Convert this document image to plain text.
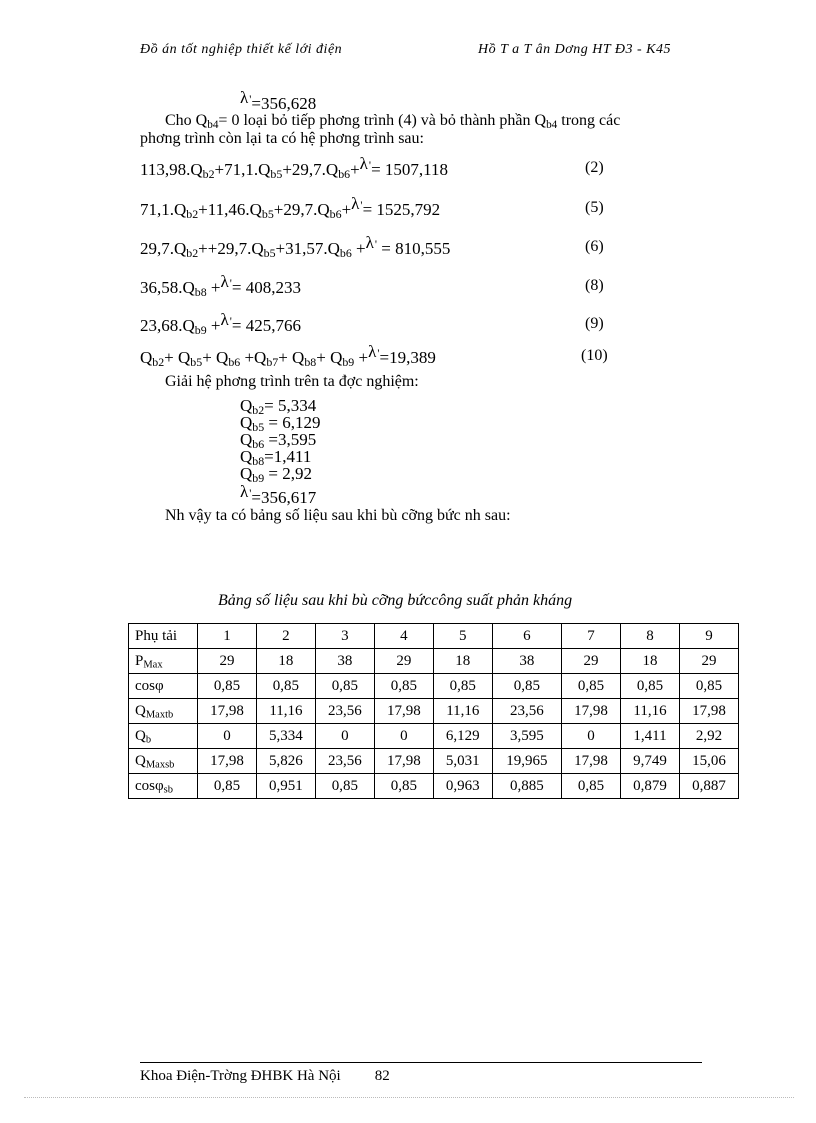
Đồ án tốt nghiệp thiết kế lới điện	Hồ T a T ân Dơng HT Đ3 - K45
λ'=356,628
Cho $Q_{b4}= 0$ loại bỏ tiếp phơng trình (4) và bỏ thành phần $Q_{b4}$ trong các
phơng trình còn lại ta có hệ phơng trình sau:
$113,98.Q_{b2}+71,1.Q_{b5}+29,7.Q_{b6}+\lambda'= 1507,118$	(2)
$71,1.Q_{b2}+11,46.Q_{b5}+29,7.Q_{b6}+\lambda'= 1525,792$	(5)
$29,7.Q_{b2}++29,7.Q_{b5}+31,57.Q_{b6} +\lambda' = 810,555$	(6)
$36,58.Q_{b8} +\lambda'= 408,233$	(8)
$23,68.Q_{b9} +\lambda'= 425,766$	(9)
$Q_{b2}+ Q_{b5}+ Q_{b6} +Q_{b7}+ Q_{b8}+ Q_{b9} +\lambda'=19,389$	(10)
Giải hệ phơng trình trên ta đợc nghiệm:
$Q_{b2}= 5,334$
$Q_{b5} = 6,129$
$Q_{b6} =3,595$
$Q_{b8}=1,411$
$Q_{b9} = 2,92$
λ'=356,617
Nh vậy ta có bảng số liệu sau khi bù cỡng bức nh sau:
Bảng số liệu sau khi bù cỡng bứccông suất phản kháng
Phụ tải	1	2	3	4	5	6	7	8	9
$P_{Max}$	29	18	38	29	18	38	29	18	29
cosφ	0,85	0,85	0,85	0,85	0,85	0,85	0,85	0,85	0,85
$Q_{Maxtb}$	17,98	11,16	23,56	17,98	11,16	23,56	17,98	11,16	17,98
$Q_b$	0	5,334	0	0	6,129	3,595	0	1,411	2,92
$Q_{Maxsb}$	17,98	5,826	23,56	17,98	5,031	19,965	17,98	9,749	15,06
cosφ$_{sb}$	0,85	0,951	0,85	0,85	0,963	0,885	0,85	0,879	0,887
Khoa Điện-Trờng ĐHBK Hà Nội 82
